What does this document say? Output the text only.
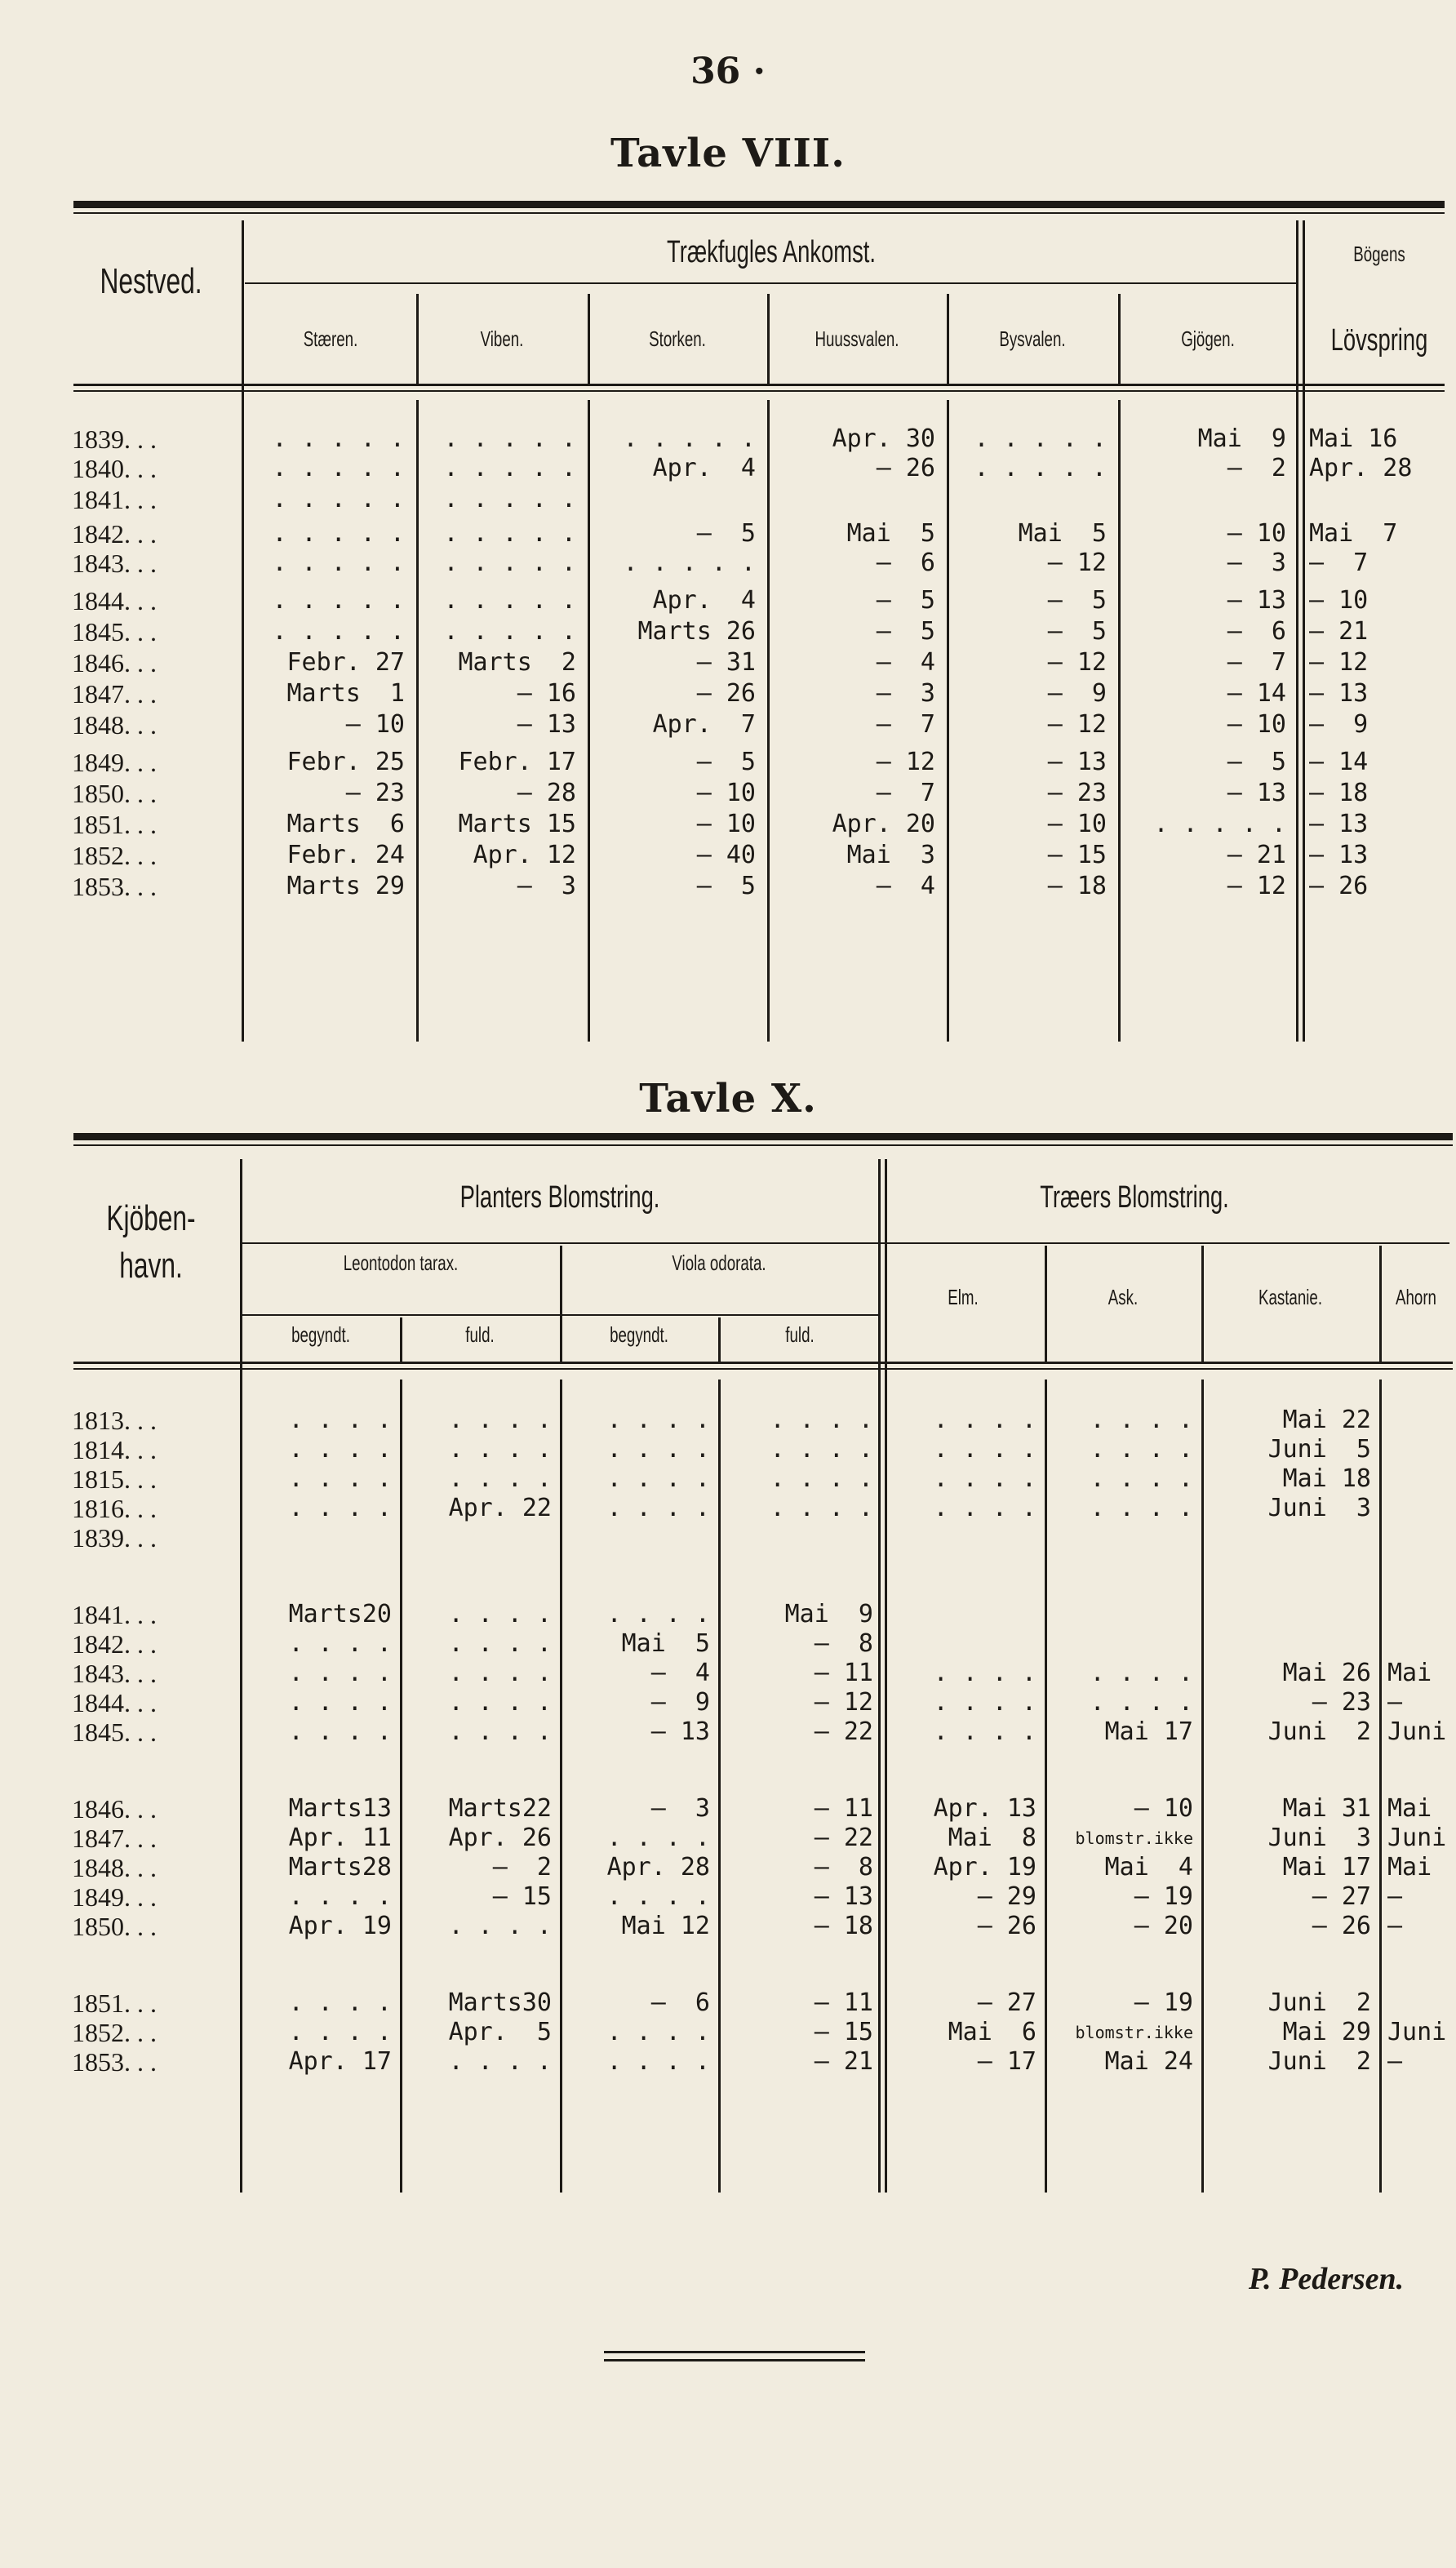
36 ·
Tavle VIII.
Nestved.
Trækfugles Ankomst.	Bögens
Lövspring
Stæren.	Viben.	Storken.	Huussvalen.	Bysvalen.	Gjögen.
1839. . .	. . . . .	. . . . .	. . . . .	Apr. 30	. . . . .	Mai  9 Mai 16
1840. . .	. . . . .	. . . . .	Apr.  4	— 26	. . . . .	—  2 Apr. 28
1841. . .	. . . . .	. . . . .
1842. . .	. . . . .	. . . . .	—  5	Mai  5	Mai  5	— 10 Mai  7
1843. . .	. . . . .	. . . . .	. . . . .	—  6	— 12	—  3 —  7
1844. . .	. . . . .	. . . . .	Apr.  4	—  5	—  5	— 13 — 10
1845. . .	. . . . .	. . . . .	Marts 26	—  5	—  5	—  6 — 21
1846. . .	Febr. 27	Marts  2	— 31	—  4	— 12	—  7 — 12
1847. . .	Marts  1	— 16	— 26	—  3	—  9	— 14 — 13
1848. . .	— 10	— 13	Apr.  7	—  7	— 12	— 10 —  9
1849. . .	Febr. 25	Febr. 17	—  5	— 12	— 13	—  5 — 14
1850. . .	— 23	— 28	— 10	—  7	— 23	— 13 — 18
1851. . .	Marts  6	Marts 15	— 10	Apr. 20	— 10	. . . . . — 13
1852. . .	Febr. 24	Apr. 12	— 40	Mai  3	— 15	— 21 — 13
1853. . .	Marts 29	—  3	—  5	—  4	— 18	— 12 — 26
Tavle X.
Kjöben-
havn.
Planters Blomstring.	Træers Blomstring.
Leontodon tarax.	Viola odorata.
begyndt.	fuld.	begyndt.	fuld.
Elm.	Ask.	Kastanie.	Ahorn
1813. . .	. . . .	. . . .	. . . .	. . . .	. . . .	. . . .	Mai 22
1814. . .	. . . .	. . . .	. . . .	. . . .	. . . .	. . . .	Juni  5
1815. . .	. . . .	. . . .	. . . .	. . . .	. . . .	. . . .	Mai 18
1816. . .	. . . .	Apr. 22	. . . .	. . . .	. . . .	. . . .	Juni  3
1839. . .
1841. . .	Marts20	. . . .	. . . .	Mai  9
1842. . .	. . . .	. . . .	Mai  5	—  8
1843. . .	. . . .	. . . .	—  4	— 11	. . . .	. . . .	Mai 26 Mai
1844. . .	. . . .	. . . .	—  9	— 12	. . . .	. . . .	— 23 —
1845. . .	. . . .	. . . .	— 13	— 22	. . . .	Mai 17	Juni  2 Juni
1846. . .	Marts13	Marts22	—  3	— 11	Apr. 13	— 10	Mai 31 Mai
1847. . .	Apr. 11	Apr. 26	. . . .	— 22	Mai  8	blomstr.ikke	Juni  3 Juni
1848. . .	Marts28	—  2	Apr. 28	—  8	Apr. 19	Mai  4	Mai 17 Mai
1849. . .	. . . .	— 15	. . . .	— 13	— 29	— 19	— 27 —
1850. . .	Apr. 19	. . . .	Mai 12	— 18	— 26	— 20	— 26 —
1851. . .	. . . .	Marts30	—  6	— 11	— 27	— 19	Juni  2
1852. . .	. . . .	Apr.  5	. . . .	— 15	Mai  6	blomstr.ikke	Mai 29 Juni
1853. . .	Apr. 17	. . . .	. . . .	— 21	— 17	Mai 24	Juni  2 —
P. Pedersen.
